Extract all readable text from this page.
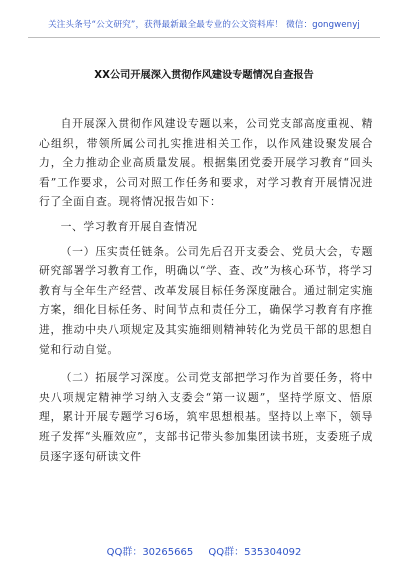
关注头条号“公文研究”，获得最新最全最专业的公文资料库！ 微信：gongwenyj
XX公司开展深入贯彻作风建设专题情况自查报告

自开展深入贯彻作风建设专题以来，公司党支部高度重视、精心组织，带领所属公司扎实推进相关工作，以作风建设聚发展合力，全力推动企业高质量发展。根据集团党委开展学习教育“回头看”工作要求，公司对照工作任务和要求，对学习教育开展情况进行了全面自查。现将情况报告如下：

一、学习教育开展自查情况

（一）压实责任链条。公司先后召开支委会、党员大会，专题研究部署学习教育工作，明确以“学、查、改”为核心环节，将学习教育与全年生产经营、改革发展目标任务深度融合。通过制定实施方案，细化目标任务、时间节点和责任分工，确保学习教育有序推进，推动中央八项规定及其实施细则精神转化为党员干部的思想自觉和行动自觉。

（二）拓展学习深度。公司党支部把学习作为首要任务，将中央八项规定精神学习纳入支委会“第一议题”，坚持学原文、悟原理，累计开展专题学习6场，筑牢思想根基。坚持以上率下，领导班子发挥“头雁效应”，支部书记带头参加集团读书班，支委班子成员逐字逐句研读文件

QQ群：30265665 QQ群：535304092
